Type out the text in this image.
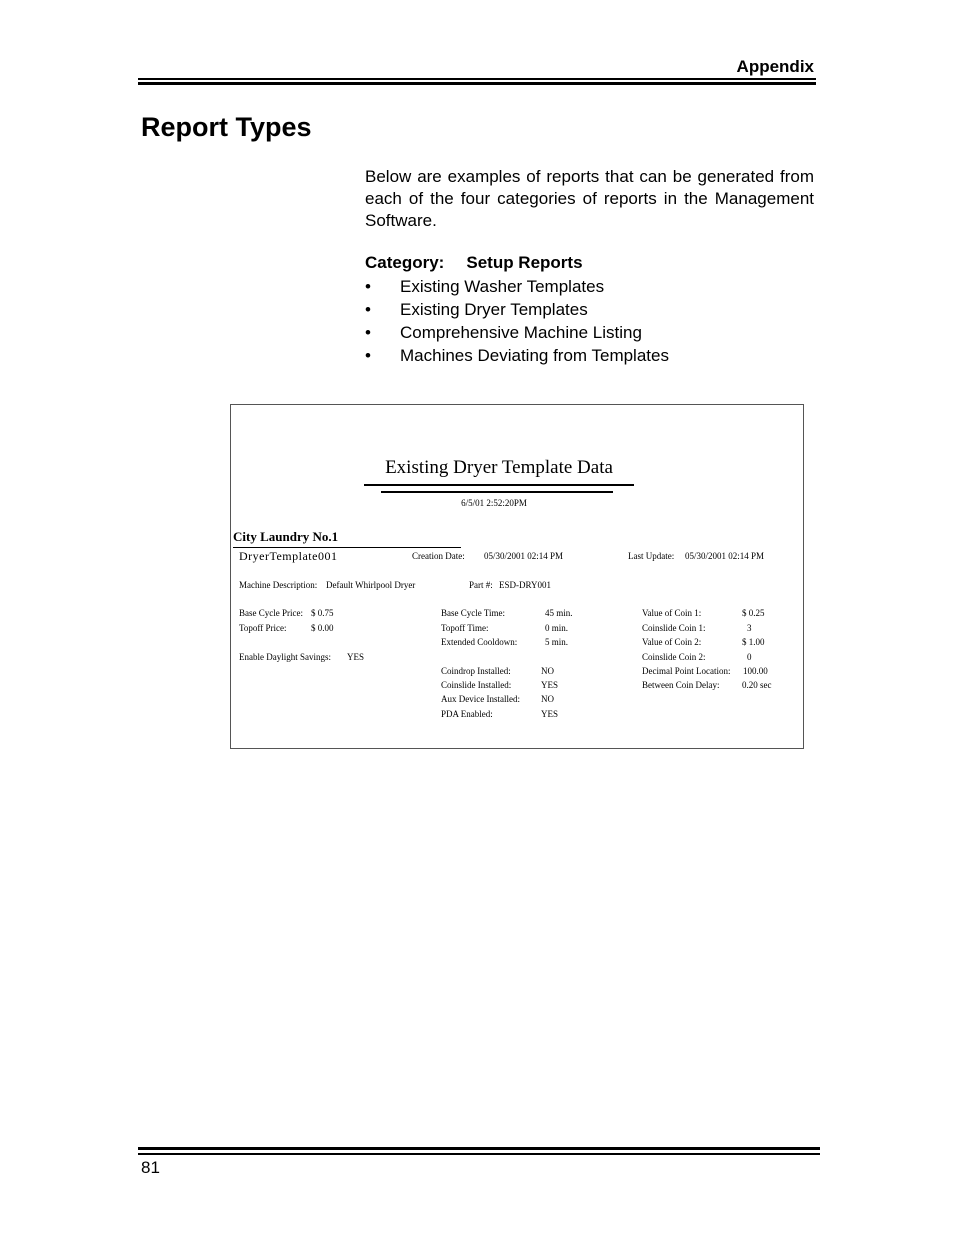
Appendix
Report Types
Below are examples of reports that can be generated from each of the four categories of reports in the Management Software.
Category: Setup Reports
• Existing Washer Templates
• Existing Dryer Templates
• Comprehensive Machine Listing
• Machines Deviating from Templates
Existing Dryer Template Data
6/5/01 2:52:20PM
City Laundry No.1
DryerTemplate001	Creation Date: 05/30/2001 02:14 PM	Last Update: 05/30/2001 02:14 PM
Machine Description: Default Whirlpool Dryer	Part #: ESD-DRY001
Base Cycle Price: $ 0.75
Topoff Price:	$ 0.00
Enable Daylight Savings: YES
Base Cycle Time:	45 min.
Topoff Time:	0 min.
Extended Cooldown:	5 min.
Coindrop Installed:	NO
Coinslide Installed:	YES
Aux Device Installed: NO
PDA Enabled:	YES
Value of Coin 1:	$ 0.25
Coinslide Coin 1:	3
Value of Coin 2:	$ 1.00
Coinslide Coin 2:	0
Decimal Point Location: 100.00
Between Coin Delay:	0.20 sec
81
